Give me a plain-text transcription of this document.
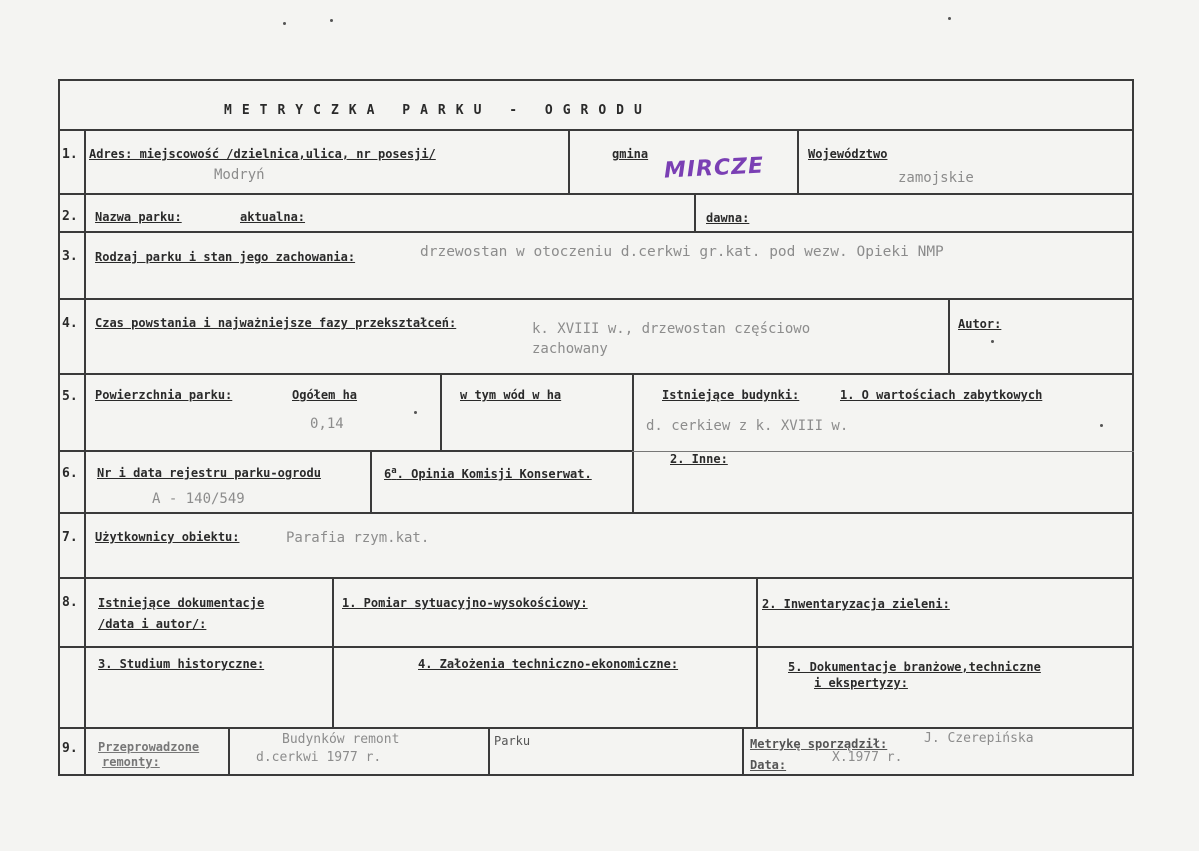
METRYCZKA PARKU - OGRODU
1. Adres: miejscowość /dzielnica,ulica, nr posesji/
Modryń
gmina MIRCZE	Województwo
zamojskie
2. Nazwa parku:	aktualna:	dawna:
3. Rodzaj parku i stan jego zachowania:	drzewostan w otoczeniu d.cerkwi gr.kat. pod wezw. Opieki NMP
4. Czas powstania i najważniejsze fazy przekształceń:	k. XVIII w., drzewostan częściowo
zachowany
Autor:
5. Powierzchnia parku:	Ogółem ha
0,14
w tym wód w ha	Istniejące budynki:	1. O wartościach zabytkowych
d. cerkiew z k. XVIII w.
6. Nr i data rejestru parku-ogrodu
A - 140/549
6$^a$. Opinia Komisji Konserwat.
2. Inne:
7. Użytkownicy obiektu:	Parafia rzym.kat.
8. Istniejące dokumentacje
/data i autor/:
1. Pomiar sytuacyjno-wysokościowy:	2. Inwentaryzacja zieleni:
3. Studium historyczne:	4. Założenia techniczno-ekonomiczne:	5. Dokumentacje branżowe,techniczne
i ekspertyzy:
9. Przeprowadzone
remonty:
Budynków remont
d.cerkwi 1977 r.
Parku	Metrykę sporządził:	J. Czerepińska
Data:	X.1977 r.
